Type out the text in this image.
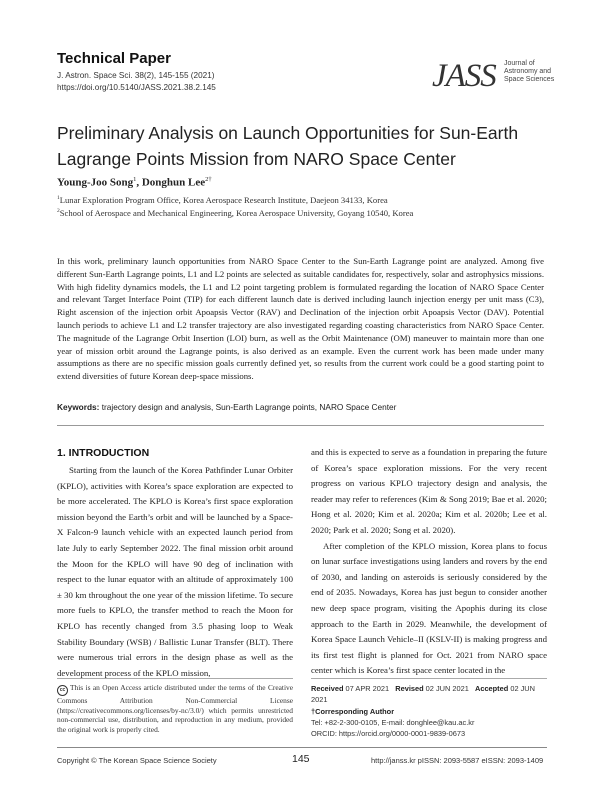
Technical Paper
J. Astron. Space Sci. 38(2), 145-155 (2021)
https://doi.org/10.5140/JASS.2021.38.2.145	JASS Journal of
Astronomy and
Space Sciences
Preliminary Analysis on Launch Opportunities for Sun-Earth Lagrange Points Mission from NARO Space Center
Young-Joo Song$^1$, Donghun Lee$^{2\dagger}$
$^1$Lunar Exploration Program Office, Korea Aerospace Research Institute, Daejeon 34133, Korea
$^2$School of Aerospace and Mechanical Engineering, Korea Aerospace University, Goyang 10540, Korea
In this work, preliminary launch opportunities from NARO Space Center to the Sun-Earth Lagrange point are analyzed. Among five different Sun-Earth Lagrange points, L1 and L2 points are selected as suitable candidates for, respectively, solar and astrophysics missions. With high fidelity dynamics models, the L1 and L2 point targeting problem is formulated regarding the location of NARO Space Center and relevant Target Interface Point (TIP) for each different launch date is derived including launch injection energy per unit mass (C3), Right ascension of the injection orbit Apoapsis Vector (RAV) and Declination of the injection orbit Apoapsis Vector (DAV). Potential launch periods to achieve L1 and L2 transfer trajectory are also investigated regarding coasting characteristics from NARO Space Center. The magnitude of the Lagrange Orbit Insertion (LOI) burn, as well as the Orbit Maintenance (OM) maneuver to maintain more than one year of mission orbit around the Lagrange points, is also derived as an example. Even the current work has been made under many assumptions as there are no specific mission goals currently defined yet, so results from the current work could be a good starting point to extend diversities of future Korean deep-space missions.
Keywords: trajectory design and analysis, Sun-Earth Lagrange points, NARO Space Center
1. INTRODUCTION

Starting from the launch of the Korea Pathfinder Lunar Orbiter (KPLO), activities with Korea’s space exploration are expected to be more accelerated. The KPLO is Korea’s first space exploration mission beyond the Earth’s orbit and will be launched by a Space-X Falcon-9 launch vehicle with an expected launch period from late July to early September 2022. The final mission orbit around the Moon for the KPLO will have 90 deg of inclination with respect to the lunar equator with an altitude of approximately 100 ± 30 km throughout the one year of the mission lifetime. To secure more fuels to KPLO, the transfer method to reach the Moon for KPLO has recently changed from 3.5 phasing loop to Weak Stability Boundary (WSB) / Ballistic Lunar Transfer (BLT). There were numerous trial errors in the design phase as well as the development process of the KPLO mission,

and this is expected to serve as a foundation in preparing the future of Korea’s space exploration missions. For the very recent progress on various KPLO trajectory design and analysis, the reader may refer to references (Kim & Song 2019; Bae et al. 2020; Hong et al. 2020; Kim et al. 2020a; Kim et al. 2020b; Lee et al. 2020; Park et al. 2020; Song et al. 2020).

After completion of the KPLO mission, Korea plans to focus on lunar surface investigations using landers and rovers by the end of 2030, and landing on asteroids is seriously considered by the end of 2035. Nowadays, Korea has just begun to consider another new deep space program, visiting the Apophis during its close approach to the Earth in 2029. Meanwhile, the development of Korea Space Launch Vehicle–II (KSLV-II) is making progress and its first test flight is planned for Oct. 2021 from NARO space center which is Korea’s first space center located in the

cc This is an Open Access article distributed under the terms of the Creative Commons Attribution Non-Commercial License (https://creativecommons.org/licenses/by-nc/3.0/) which permits unrestricted non-commercial use, distribution, and reproduction in any medium, provided the original work is properly cited.
Received 07 APR 2021 Revised 02 JUN 2021 Accepted 02 JUN 2021
†Corresponding Author
Tel: +82-2-300-0105, E-mail: donghlee@kau.ac.kr
ORCID: https://orcid.org/0000-0001-9839-0673
Copyright © The Korean Space Science Society	145	http://janss.kr pISSN: 2093-5587 eISSN: 2093-1409
